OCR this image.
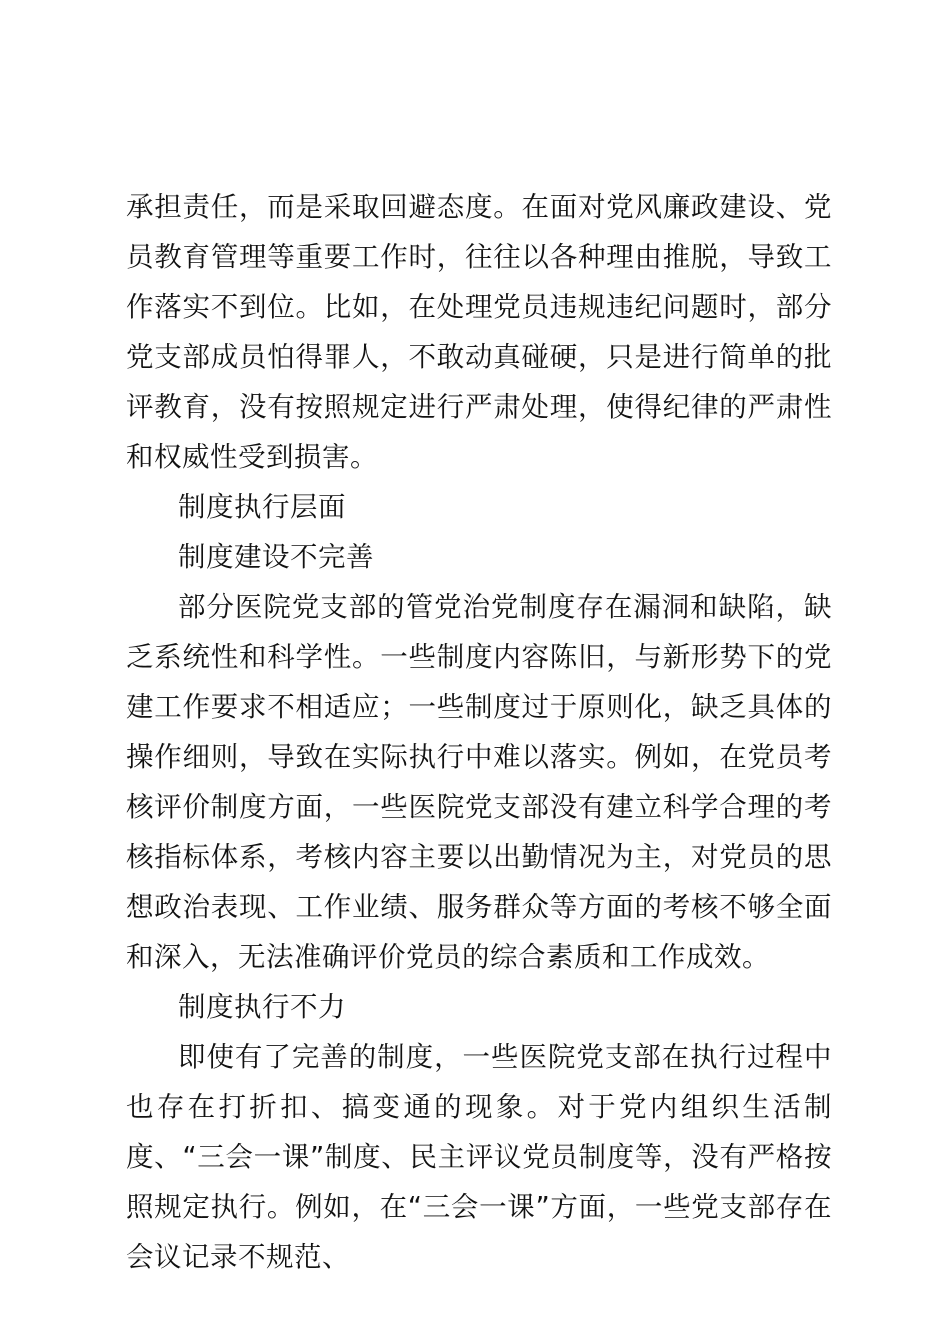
承担责任，而是采取回避态度。在面对党风廉政建设、党员教育管理等重要工作时，往往以各种理由推脱，导致工作落实不到位。比如，在处理党员违规违纪问题时，部分党支部成员怕得罪人，不敢动真碰硬，只是进行简单的批评教育，没有按照规定进行严肃处理，使得纪律的严肃性和权威性受到损害。

制度执行层面

制度建设不完善

部分医院党支部的管党治党制度存在漏洞和缺陷，缺乏系统性和科学性。一些制度内容陈旧，与新形势下的党建工作要求不相适应；一些制度过于原则化，缺乏具体的操作细则，导致在实际执行中难以落实。例如，在党员考核评价制度方面，一些医院党支部没有建立科学合理的考核指标体系，考核内容主要以出勤情况为主，对党员的思想政治表现、工作业绩、服务群众等方面的考核不够全面和深入，无法准确评价党员的综合素质和工作成效。

制度执行不力

即使有了完善的制度，一些医院党支部在执行过程中也存在打折扣、搞变通的现象。对于党内组织生活制度、“三会一课”制度、民主评议党员制度等，没有严格按照规定执行。例如，在“三会一课”方面，一些党支部存在会议记录不规范、
